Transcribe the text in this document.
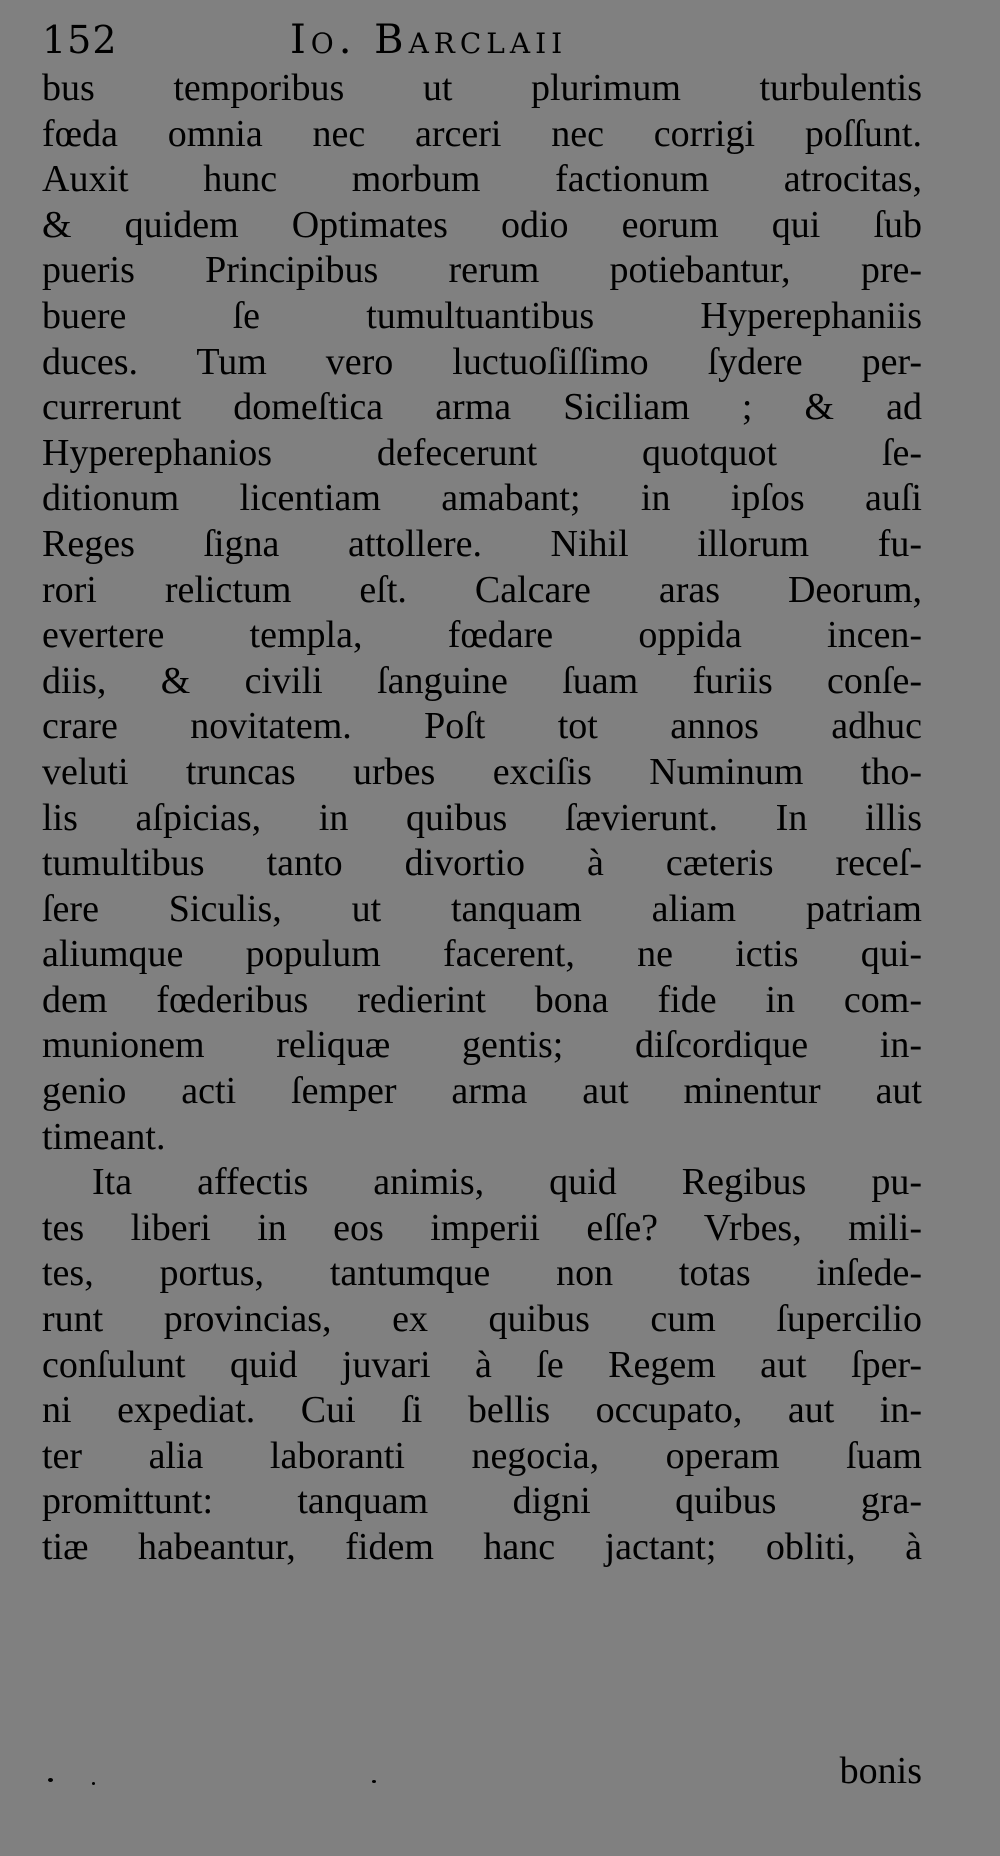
152	Io. Barclaii
bus temporibus ut plurimum turbulentis
fœda omnia nec arceri nec corrigi poſſunt.
Auxit hunc morbum factionum atrocitas,
& quidem Optimates odio eorum qui ſub
pueris Principibus rerum potiebantur, pre-
buere ſe tumultuantibus Hyperephaniis
duces. Tum vero luctuoſiſſimo ſydere per-
currerunt domeſtica arma Siciliam ; & ad
Hyperephanios defecerunt quotquot ſe-
ditionum licentiam amabant; in ipſos auſi
Reges ſigna attollere. Nihil illorum fu-
rori relictum eſt. Calcare aras Deorum,
evertere templa, fœdare oppida incen-
diis, & civili ſanguine ſuam furiis conſe-
crare novitatem. Poſt tot annos adhuc
veluti truncas urbes exciſis Numinum tho-
lis aſpicias, in quibus ſævierunt. In illis
tumultibus tanto divortio à cæteris receſ-
ſere Siculis, ut tanquam aliam patriam
aliumque populum facerent, ne ictis qui-
dem fœderibus redierint bona fide in com-
munionem reliquæ gentis; diſcordique in-
genio acti ſemper arma aut minentur aut
timeant.
Ita affectis animis, quid Regibus pu-
tes liberi in eos imperii eſſe? Vrbes, mili-
tes, portus, tantumque non totas inſede-
runt provincias, ex quibus cum ſupercilio
conſulunt quid juvari à ſe Regem aut ſper-
ni expediat. Cui ſi bellis occupato, aut in-
ter alia laboranti negocia, operam ſuam
promittunt: tanquam digni quibus gra-
tiæ habeantur, fidem hanc jactant; obliti, à
bonis
